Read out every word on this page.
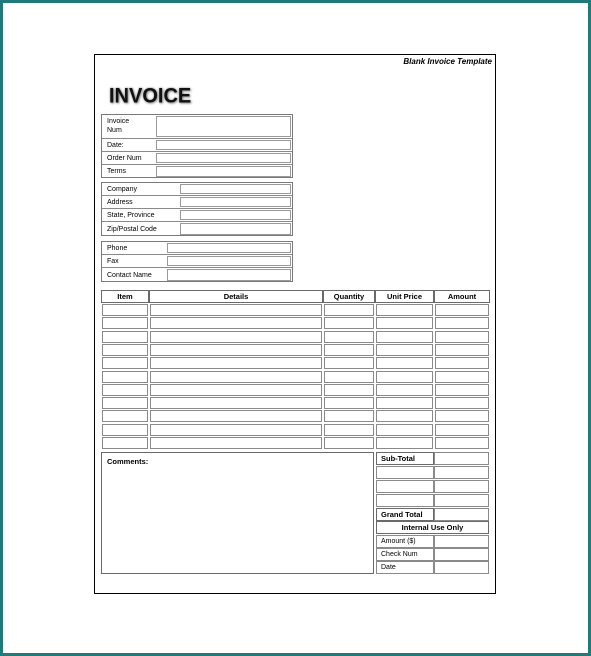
Blank Invoice Template
INVOICE
Invoice
Num
Date:
Order Num
Terms
Company
Address
State, Province
Zip/Postal Code
Phone
Fax
Contact Name
Item	Details	Quantity	Unit Price	Amount
Comments:	Sub-Total
Grand Total
Internal Use Only
Amount ($)
Check Num
Date
